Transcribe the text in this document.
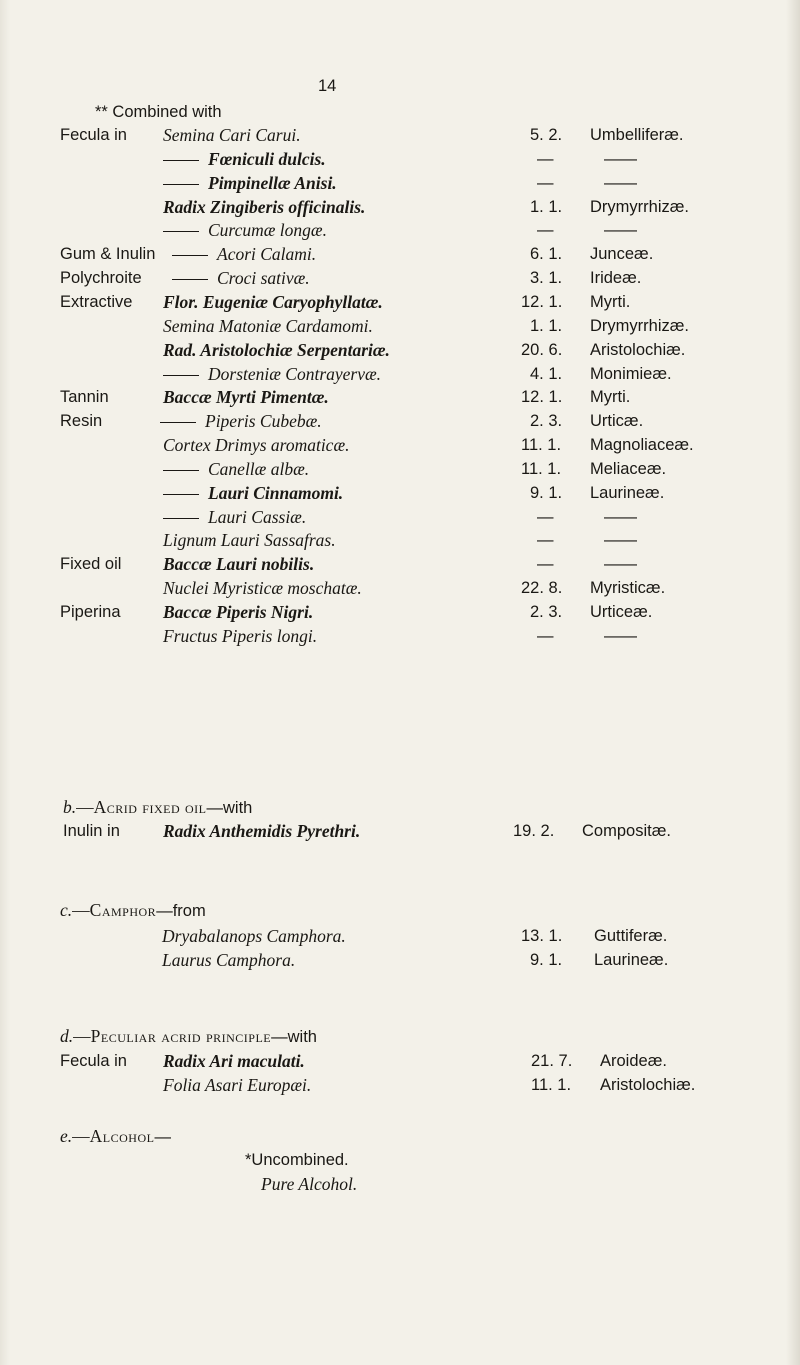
14
** Combined with
Fecula in Semina Cari Carui.	5. 2. Umbelliferæ.
Fœniculi dulcis.	—	——
Pimpinellæ Anisi.	—	——
Radix Zingiberis officinalis.	1. 1. Drymyrrhizæ.
Curcumæ longæ.	—	——
Gum & Inulin	Acori Calami.	6. 1. Junceæ.
Polychroite	Croci sativæ.	3. 1. Irideæ.
Extractive Flor. Eugeniæ Caryophyllatæ.	12. 1. Myrti.
Semina Matoniæ Cardamomi.	1. 1. Drymyrrhizæ.
Rad. Aristolochiæ Serpentariæ.	20. 6. Aristolochiæ.
Dorsteniæ Contrayervæ.	4. 1. Monimieæ.
Tannin	Baccæ Myrti Pimentæ.	12. 1. Myrti.
Resin	Piperis Cubebæ.	2. 3. Urticæ.
Cortex Drimys aromaticæ.	11. 1. Magnoliaceæ.
Canellæ albæ.	11. 1. Meliaceæ.
Lauri Cinnamomi.	9. 1. Laurineæ.
Lauri Cassiæ.	—	——
Lignum Lauri Sassafras.	—	——
Fixed oil Baccæ Lauri nobilis.	—	——
Nuclei Myristicæ moschatæ.	22. 8. Myristicæ.
Piperina Baccæ Piperis Nigri.	2. 3. Urticeæ.
Fructus Piperis longi.	—	——
b.—Acrid fixed oil—with
Inulin in Radix Anthemidis Pyrethri.	19. 2. Compositæ.
c.—Camphor—from
Dryabalanops Camphora.	13. 1. Guttiferæ.
Laurus Camphora.	9. 1. Laurineæ.
d.—Peculiar acrid principle—with
Fecula in Radix Ari maculati.	21. 7. Aroideæ.
Folia Asari Europæi.	11. 1. Aristolochiæ.
e.—Alcohol—
*Uncombined.
Pure Alcohol.
